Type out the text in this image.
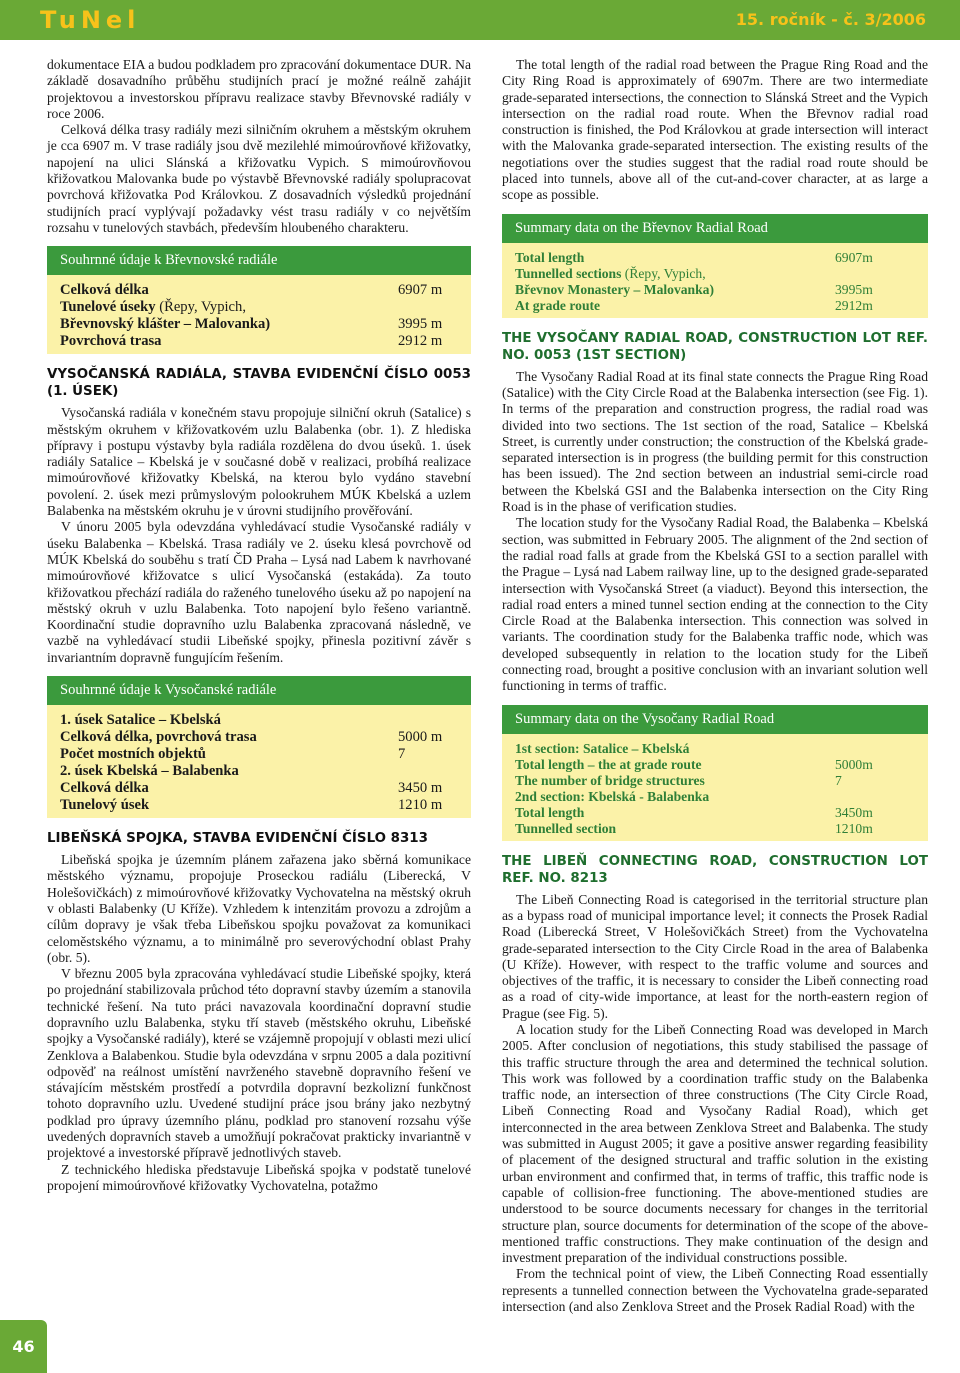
TuNel	15. ročník - č. 3/2006

dokumentace EIA a budou podkladem pro zpracování dokumentace DUR. Na základě dosavadního průběhu studijních prací je možné reálně zahájit projektovou a investorskou přípravu realizace stavby Břevnovské radiály v roce 2006.

Celková délka trasy radiály mezi silničním okruhem a městským okruhem je cca 6907 m. V trase radiály jsou dvě mezilehlé mimoúrovňové křižovatky, napojení na ulici Slánská a křižovatku Vypich. S mimoúrovňovou křižovatkou Malovanka bude po výstavbě Břevnovské radiály spolupracovat povrchová křižovatka Pod Královkou. Z dosavadních výsledků projednání studijních prací vyplývají požadavky vést trasu radiály v co největším rozsahu v tunelových stavbách, především hloubeného charakteru.

Souhrnné údaje k Břevnovské radiále
Celková délka	6907 m
Tunelové úseky (Řepy, Vypich,
Břevnovský klášter – Malovanka)	3995 m
Povrchová trasa	2912 m
VYSOČANSKÁ RADIÁLA, STAVBA EVIDENČNÍ ČÍSLO 0053 (1. ÚSEK)

Vysočanská radiála v konečném stavu propojuje silniční okruh (Satalice) s městským okruhem v křižovatkovém uzlu Balabenka (obr. 1). Z hlediska přípravy i postupu výstavby byla radiála rozdělena do dvou úseků. 1. úsek radiály Satalice – Kbelská je v současné době v realizaci, probíhá realizace mimoúrovňové křižovatky Kbelská, na kterou bylo vydáno stavební povolení. 2. úsek mezi průmyslovým polookruhem MÚK Kbelská a uzlem Balabenka na městském okruhu je v úrovni studijního prověřování.

V únoru 2005 byla odevzdána vyhledávací studie Vysočanské radiály v úseku Balabenka – Kbelská. Trasa radiály ve 2. úseku klesá povrchově od MÚK Kbelská do souběhu s tratí ČD Praha – Lysá nad Labem k navrhované mimoúrovňové křižovatce s ulicí Vysočanská (estakáda). Za touto křižovatkou přechází radiála do raženého tunelového úseku až po napojení na městský okruh v uzlu Balabenka. Toto napojení bylo řešeno variantně. Koordinační studie dopravního uzlu Balabenka zpracovaná následně, ve vazbě na vyhledávací studii Libeňské spojky, přinesla pozitivní závěr s invariantním dopravně fungujícím řešením.

Souhrnné údaje k Vysočanské radiále
1. úsek Satalice – Kbelská
Celková délka, povrchová trasa	5000 m
Počet mostních objektů	7
2. úsek Kbelská – Balabenka
Celková délka	3450 m
Tunelový úsek	1210 m
LIBEŇSKÁ SPOJKA, STAVBA EVIDENČNÍ ČÍSLO 8313

Libeňská spojka je územním plánem zařazena jako sběrná komunikace městského významu, propojuje Proseckou radiálu (Liberecká, V Holešovičkách) z mimoúrovňové křižovatky Vychovatelna na městský okruh v oblasti Balabenky (U Kříže). Vzhledem k intenzitám provozu a zdrojům a cílům dopravy je však třeba Libeňskou spojku považovat za komunikaci celoměstského významu, a to minimálně pro severovýchodní oblast Prahy (obr. 5).

V březnu 2005 byla zpracována vyhledávací studie Libeňské spojky, která po projednání stabilizovala průchod této dopravní stavby územím a stanovila technické řešení. Na tuto práci navazovala koordinační dopravní studie dopravního uzlu Balabenka, styku tří staveb (městského okruhu, Libeňské spojky a Vysočanské radiály), které se vzájemně propojují v oblasti mezi ulicí Zenklova a Balabenkou. Studie byla odevzdána v srpnu 2005 a dala pozitivní odpověď na reálnost umístění navrženého stavebně dopravního řešení ve stávajícím městském prostředí a potvrdila dopravní bezkolizní funkčnost tohoto dopravního uzlu. Uvedené studijní práce jsou brány jako nezbytný podklad pro úpravy územního plánu, podklad pro stanovení rozsahu výše uvedených dopravních staveb a umožňují pokračovat prakticky invariantně v projektové a investorské přípravě jednotlivých staveb.

Z technického hlediska představuje Libeňská spojka v podstatě tunelové propojení mimoúrovňové křižovatky Vychovatelna, potažmo

The total length of the radial road between the Prague Ring Road and the City Ring Road is approximately of 6907m. There are two intermediate grade-separated intersections, the connection to Slánská Street and the Vypich intersection on the radial road route. When the Břevnov radial road construction is finished, the Pod Královkou at grade intersection will interact with the Malovanka grade-separated intersection. The existing results of the negotiations over the studies suggest that the radial road route should be placed into tunnels, above all of the cut-and-cover character, at as large a scope as possible.

Summary data on the Břevnov Radial Road
Total length	6907m
Tunnelled sections (Řepy, Vypich,
Břevnov Monastery – Malovanka)	3995m
At grade route	2912m
THE VYSOČANY RADIAL ROAD, CONSTRUCTION LOT REF. NO. 0053 (1ST SECTION)

The Vysočany Radial Road at its final state connects the Prague Ring Road (Satalice) with the City Circle Road at the Balabenka intersection (see Fig. 1). In terms of the preparation and construction progress, the radial road was divided into two sections. The 1st section of the road, Satalice – Kbelská Street, is currently under construction; the construction of the Kbelská grade-separated intersection is in progress (the building permit for this construction has been issued). The 2nd section between an industrial semi-circle road between the Kbelská GSI and the Balabenka intersection on the City Ring Road is in the phase of verification studies.

The location study for the Vysočany Radial Road, the Balabenka – Kbelská section, was submitted in February 2005. The alignment of the 2nd section of the radial road falls at grade from the Kbelská GSI to a section parallel with the Prague – Lysá nad Labem railway line, up to the designed grade-separated intersection with Vysočanská Street (a viaduct). Beyond this intersection, the radial road enters a mined tunnel section ending at the connection to the City Circle Road at the Balabenka intersection. This connection was solved in variants. The coordination study for the Balabenka traffic node, which was developed subsequently in relation to the location study for the Libeň connecting road, brought a positive conclusion with an invariant solution well functioning in terms of traffic.

Summary data on the Vysočany Radial Road
1st section: Satalice – Kbelská
Total length – the at grade route	5000m
The number of bridge structures	7
2nd section: Kbelská - Balabenka
Total length	3450m
Tunnelled section	1210m
THE LIBEŇ CONNECTING ROAD, CONSTRUCTION LOT REF. NO. 8213

The Libeň Connecting Road is categorised in the territorial structure plan as a bypass road of municipal importance level; it connects the Prosek Radial Road (Liberecká Street, V Holešovičkách Street) from the Vychovatelna grade-separated intersection to the City Circle Road in the area of Balabenka (U Kříže). However, with respect to the traffic volume and sources and objectives of the traffic, it is necessary to consider the Libeň connecting road as a road of city-wide importance, at least for the north-eastern region of Prague (see Fig. 5).

A location study for the Libeň Connecting Road was developed in March 2005. After conclusion of negotiations, this study stabilised the passage of this traffic structure through the area and determined the technical solution. This work was followed by a coordination traffic study on the Balabenka traffic node, an intersection of three constructions (The City Circle Road, Libeň Connecting Road and Vysočany Radial Road), which get interconnected in the area between Zenklova Street and Balabenka. The study was submitted in August 2005; it gave a positive answer regarding feasibility of placement of the designed structural and traffic solution in the existing urban environment and confirmed that, in terms of traffic, this traffic node is capable of collision-free functioning. The above-mentioned studies are understood to be source documents necessary for changes in the territorial structure plan, source documents for determination of the scope of the above-mentioned traffic constructions. They make continuation of the design and investment preparation of the individual constructions possible.

From the technical point of view, the Libeň Connecting Road essentially represents a tunnelled connection between the Vychovatelna grade-separated intersection (and also Zenklova Street and the Prosek Radial Road) with the

46
